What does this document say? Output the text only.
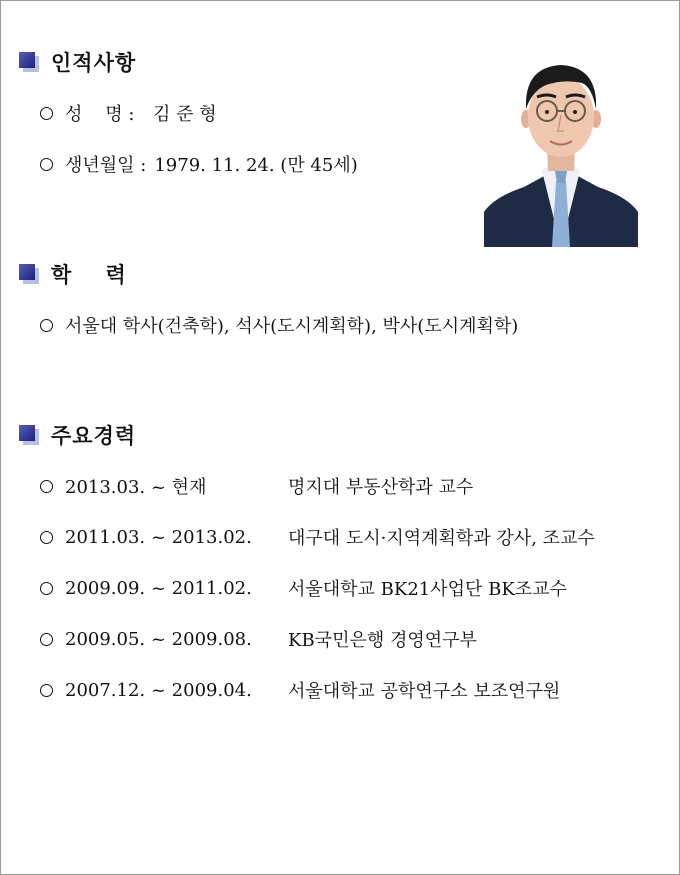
인적사항
성    명 :	김 준 형
생년월일 : 1979. 11. 24. (만 45세)
학    력
서울대 학사(건축학), 석사(도시계획학), 박사(도시계획학)
주요경력
2013.03. ~ 현재	명지대 부동산학과 교수
2011.03. ~ 2013.02.	대구대 도시·지역계획학과 강사, 조교수
2009.09. ~ 2011.02.	서울대학교 BK21사업단 BK조교수
2009.05. ~ 2009.08.	KB국민은행 경영연구부
2007.12. ~ 2009.04.	서울대학교 공학연구소 보조연구원
